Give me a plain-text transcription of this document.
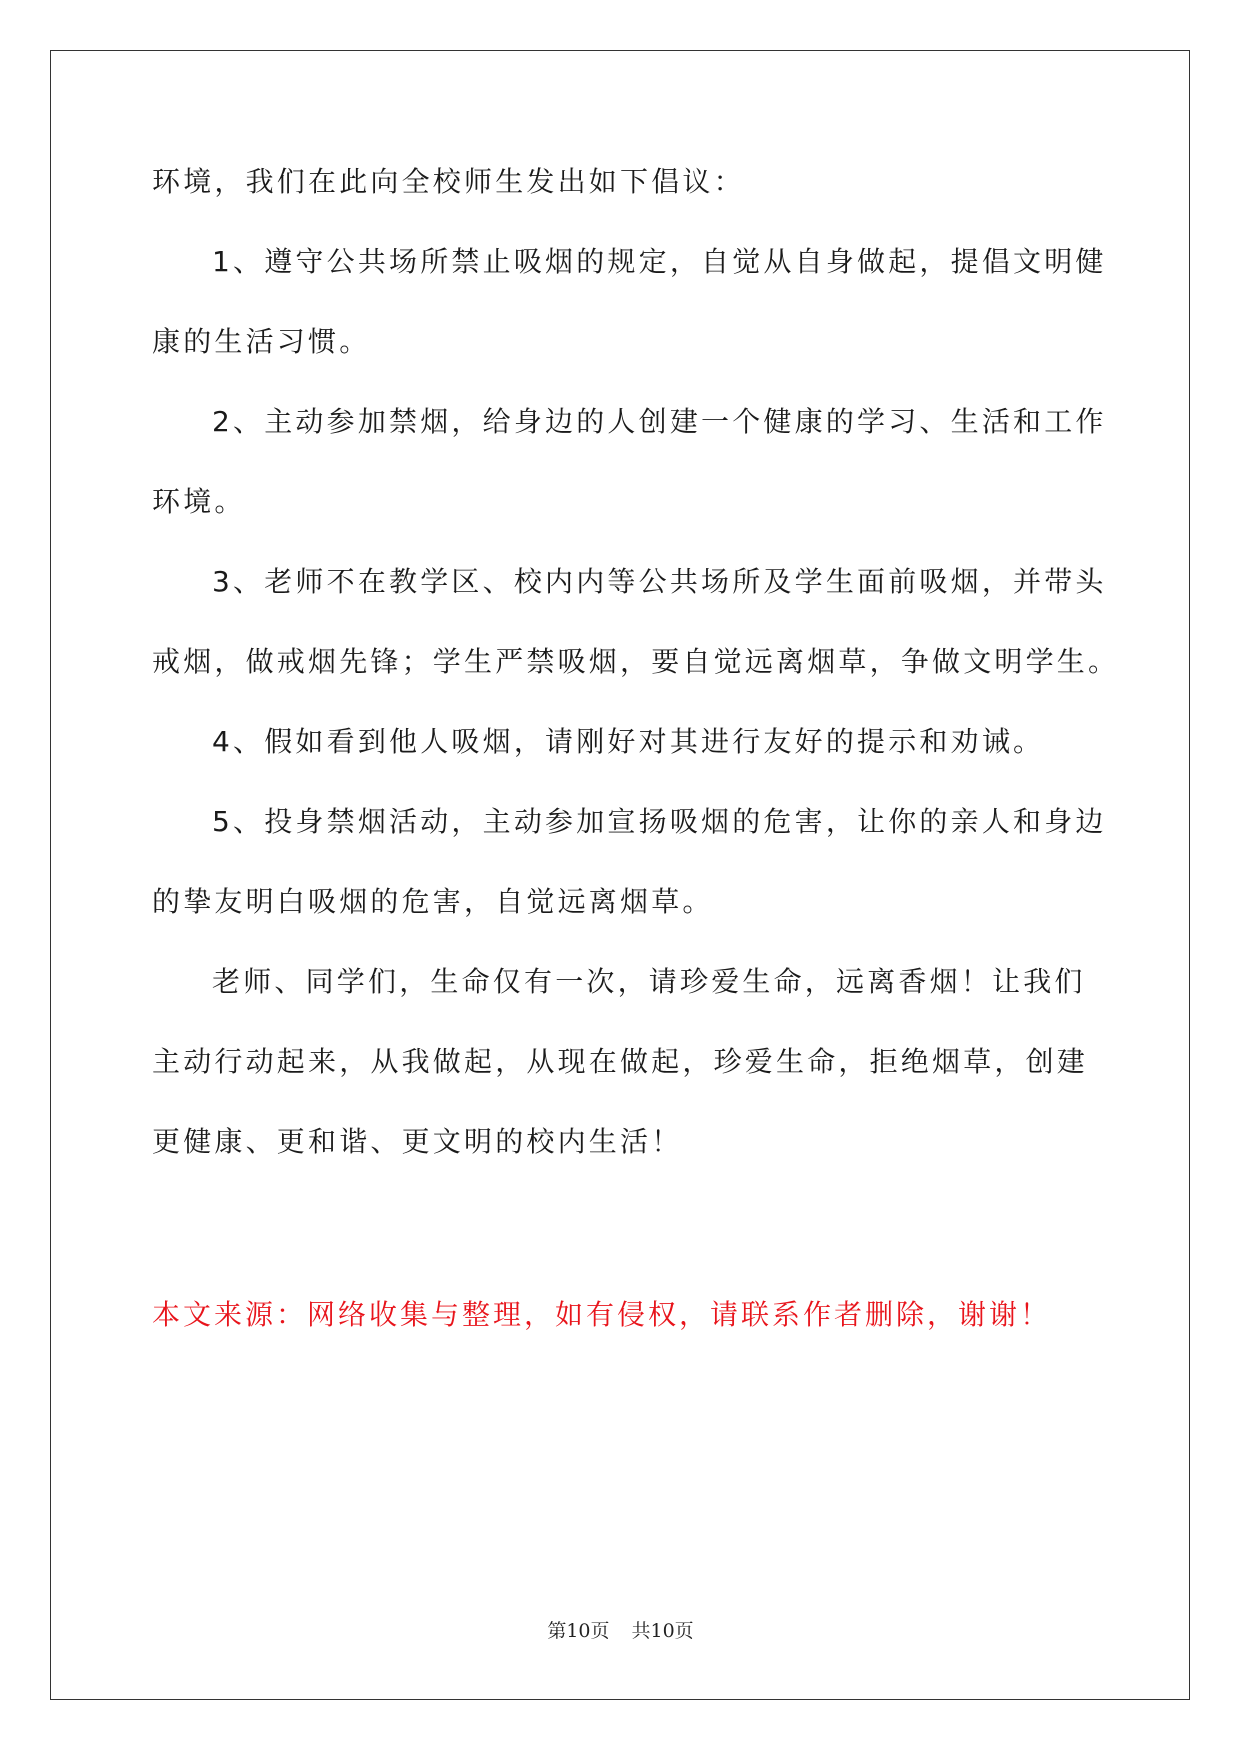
环境，我们在此向全校师生发出如下倡议：
1、遵守公共场所禁止吸烟的规定，自觉从自身做起，提倡文明健
康的生活习惯。
2、主动参加禁烟，给身边的人创建一个健康的学习、生活和工作
环境。
3、老师不在教学区、校内内等公共场所及学生面前吸烟，并带头
戒烟，做戒烟先锋；学生严禁吸烟，要自觉远离烟草，争做文明学生。
4、假如看到他人吸烟，请刚好对其进行友好的提示和劝诫。
5、投身禁烟活动，主动参加宣扬吸烟的危害，让你的亲人和身边
的挚友明白吸烟的危害，自觉远离烟草。
老师、同学们，生命仅有一次，请珍爱生命，远离香烟！让我们
主动行动起来，从我做起，从现在做起，珍爱生命，拒绝烟草，创建
更健康、更和谐、更文明的校内生活！
本文来源：网络收集与整理，如有侵权，请联系作者删除，谢谢！
第10页 共10页
